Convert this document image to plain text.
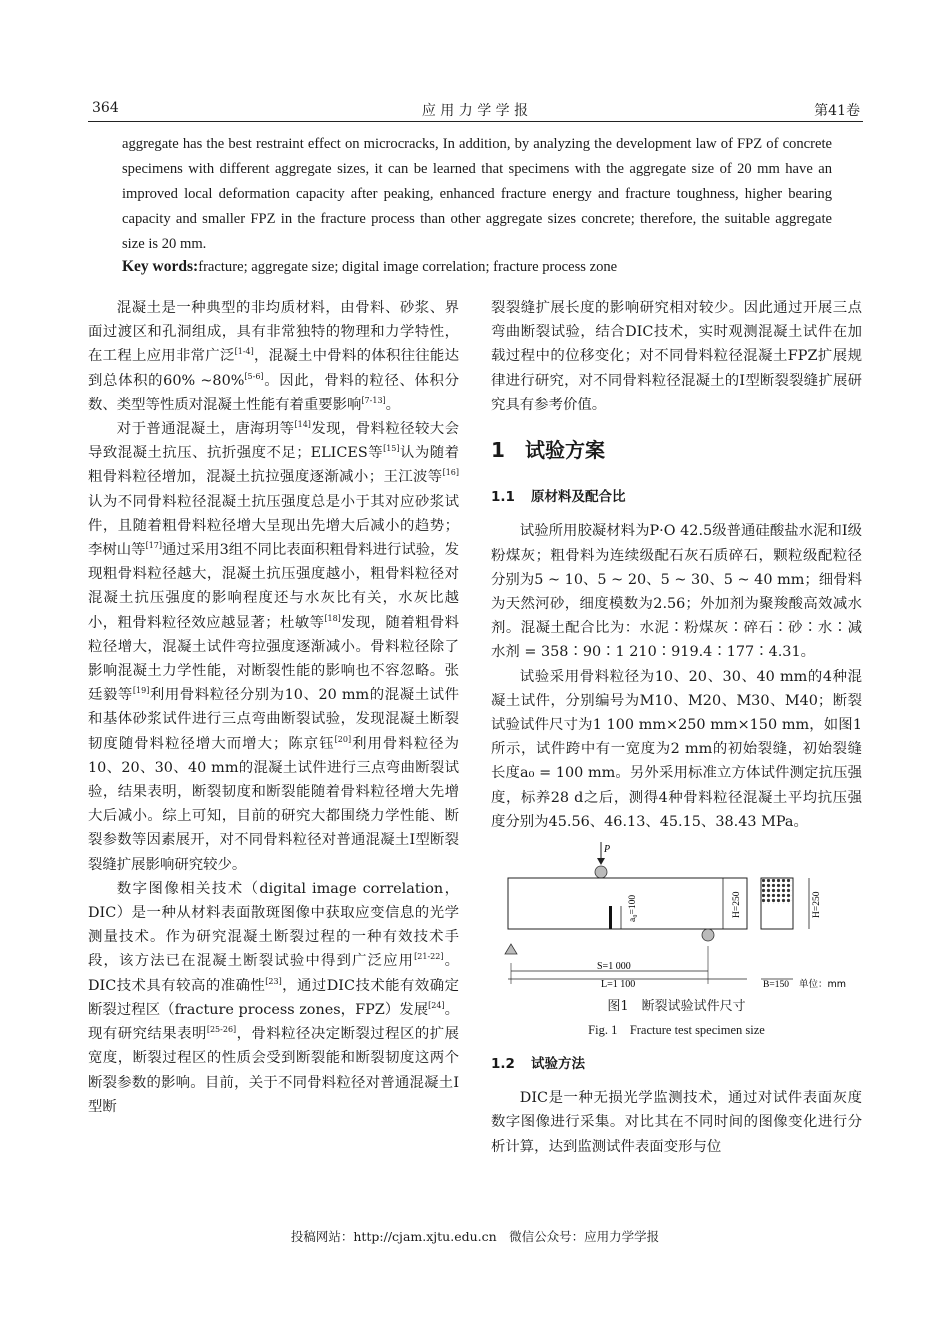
364	应 用 力 学 学 报	第41卷
aggregate has the best restraint effect on microcracks, In addition, by analyzing the development law of FPZ of concrete specimens with different aggregate sizes, it can be learned that specimens with the aggregate size of 20 mm have an improved local deformation capacity after peaking, enhanced fracture energy and fracture toughness, higher bearing capacity and smaller FPZ in the fracture process than other aggregate sizes concrete; therefore, the suitable aggregate size is 20 mm.
Key words:fracture; aggregate size; digital image correlation; fracture process zone

混凝土是一种典型的非均质材料，由骨料、砂浆、界面过渡区和孔洞组成，具有非常独特的物理和力学特性，在工程上应用非常广泛[1-4]，混凝土中骨料的体积往往能达到总体积的60% ~80%[5-6]。因此，骨料的粒径、体积分数、类型等性质对混凝土性能有着重要影响[7-13]。

对于普通混凝土，唐海玥等[14]发现，骨料粒径较大会导致混凝土抗压、抗折强度不足；ELICES等[15]认为随着粗骨料粒径增加，混凝土抗拉强度逐渐减小；王江波等[16]认为不同骨料粒径混凝土抗压强度总是小于其对应砂浆试件，且随着粗骨料粒径增大呈现出先增大后减小的趋势；李树山等[17]通过采用3组不同比表面积粗骨料进行试验，发现粗骨料粒径越大，混凝土抗压强度越小，粗骨料粒径对混凝土抗压强度的影响程度还与水灰比有关，水灰比越小，粗骨料粒径效应越显著；杜敏等[18]发现，随着粗骨料粒径增大，混凝土试件弯拉强度逐渐减小。骨料粒径除了影响混凝土力学性能，对断裂性能的影响也不容忽略。张廷毅等[19]利用骨料粒径分别为10、20 mm的混凝土试件和基体砂浆试件进行三点弯曲断裂试验，发现混凝土断裂韧度随骨料粒径增大而增大；陈京钰[20]利用骨料粒径为10、20、30、40 mm的混凝土试件进行三点弯曲断裂试验，结果表明，断裂韧度和断裂能随着骨料粒径增大先增大后减小。综上可知，目前的研究大都围绕力学性能、断裂参数等因素展开，对不同骨料粒径对普通混凝土Ⅰ型断裂裂缝扩展影响研究较少。

数字图像相关技术（digital image correlation，DIC）是一种从材料表面散斑图像中获取应变信息的光学测量技术。作为研究混凝土断裂过程的一种有效技术手段，该方法已在混凝土断裂试验中得到广泛应用[21-22]。DIC技术具有较高的准确性[23]，通过DIC技术能有效确定断裂过程区（fracture process zones，FPZ）发展[24]。现有研究结果表明[25-26]，骨料粒径决定断裂过程区的扩展宽度，断裂过程区的性质会受到断裂能和断裂韧度这两个断裂参数的影响。目前，关于不同骨料粒径对普通混凝土Ⅰ型断

裂裂缝扩展长度的影响研究相对较少。因此通过开展三点弯曲断裂试验，结合DIC技术，实时观测混凝土试件在加载过程中的位移变化；对不同骨料粒径混凝土FPZ扩展规律进行研究，对不同骨料粒径混凝土的Ⅰ型断裂裂缝扩展研究具有参考价值。

1 试验方案
1.1 原材料及配合比

试验所用胶凝材料为P·O 42.5级普通硅酸盐水泥和Ⅰ级粉煤灰；粗骨料为连续级配石灰石质碎石，颗粒级配粒径分别为5 ~ 10、5 ~ 20、5 ~ 30、5 ~ 40 mm；细骨料为天然河砂，细度模数为2.56；外加剂为聚羧酸高效减水剂。混凝土配合比为：水泥∶粉煤灰∶碎石∶砂∶水∶减水剂 = 358∶90∶1 210∶919.4∶177∶4.31。

试验采用骨料粒径为10、20、30、40 mm的4种混凝土试件，分别编号为M10、M20、M30、M40；断裂试验试件尺寸为1 100 mm×250 mm×150 mm，如图1所示，试件跨中有一宽度为2 mm的初始裂缝，初始裂缝长度a₀ = 100 mm。另外采用标准立方体试件测定抗压强度，标养28 d之后，测得4种骨料粒径混凝土平均抗压强度分别为45.56、46.13、45.15、38.43 MPa。

P
a₀=100	H=250
S=1 000
L=1 100
H=250
B=150 单位：mm
图1　断裂试验试件尺寸
Fig. 1　Fracture test specimen size
1.2 试验方法

DIC是一种无损光学监测技术，通过对试件表面灰度数字图像进行采集。对比其在不同时间的图像变化进行分析计算，达到监测试件表面变形与位

投稿网站：http://cjam.xjtu.edu.cn　微信公众号：应用力学学报
